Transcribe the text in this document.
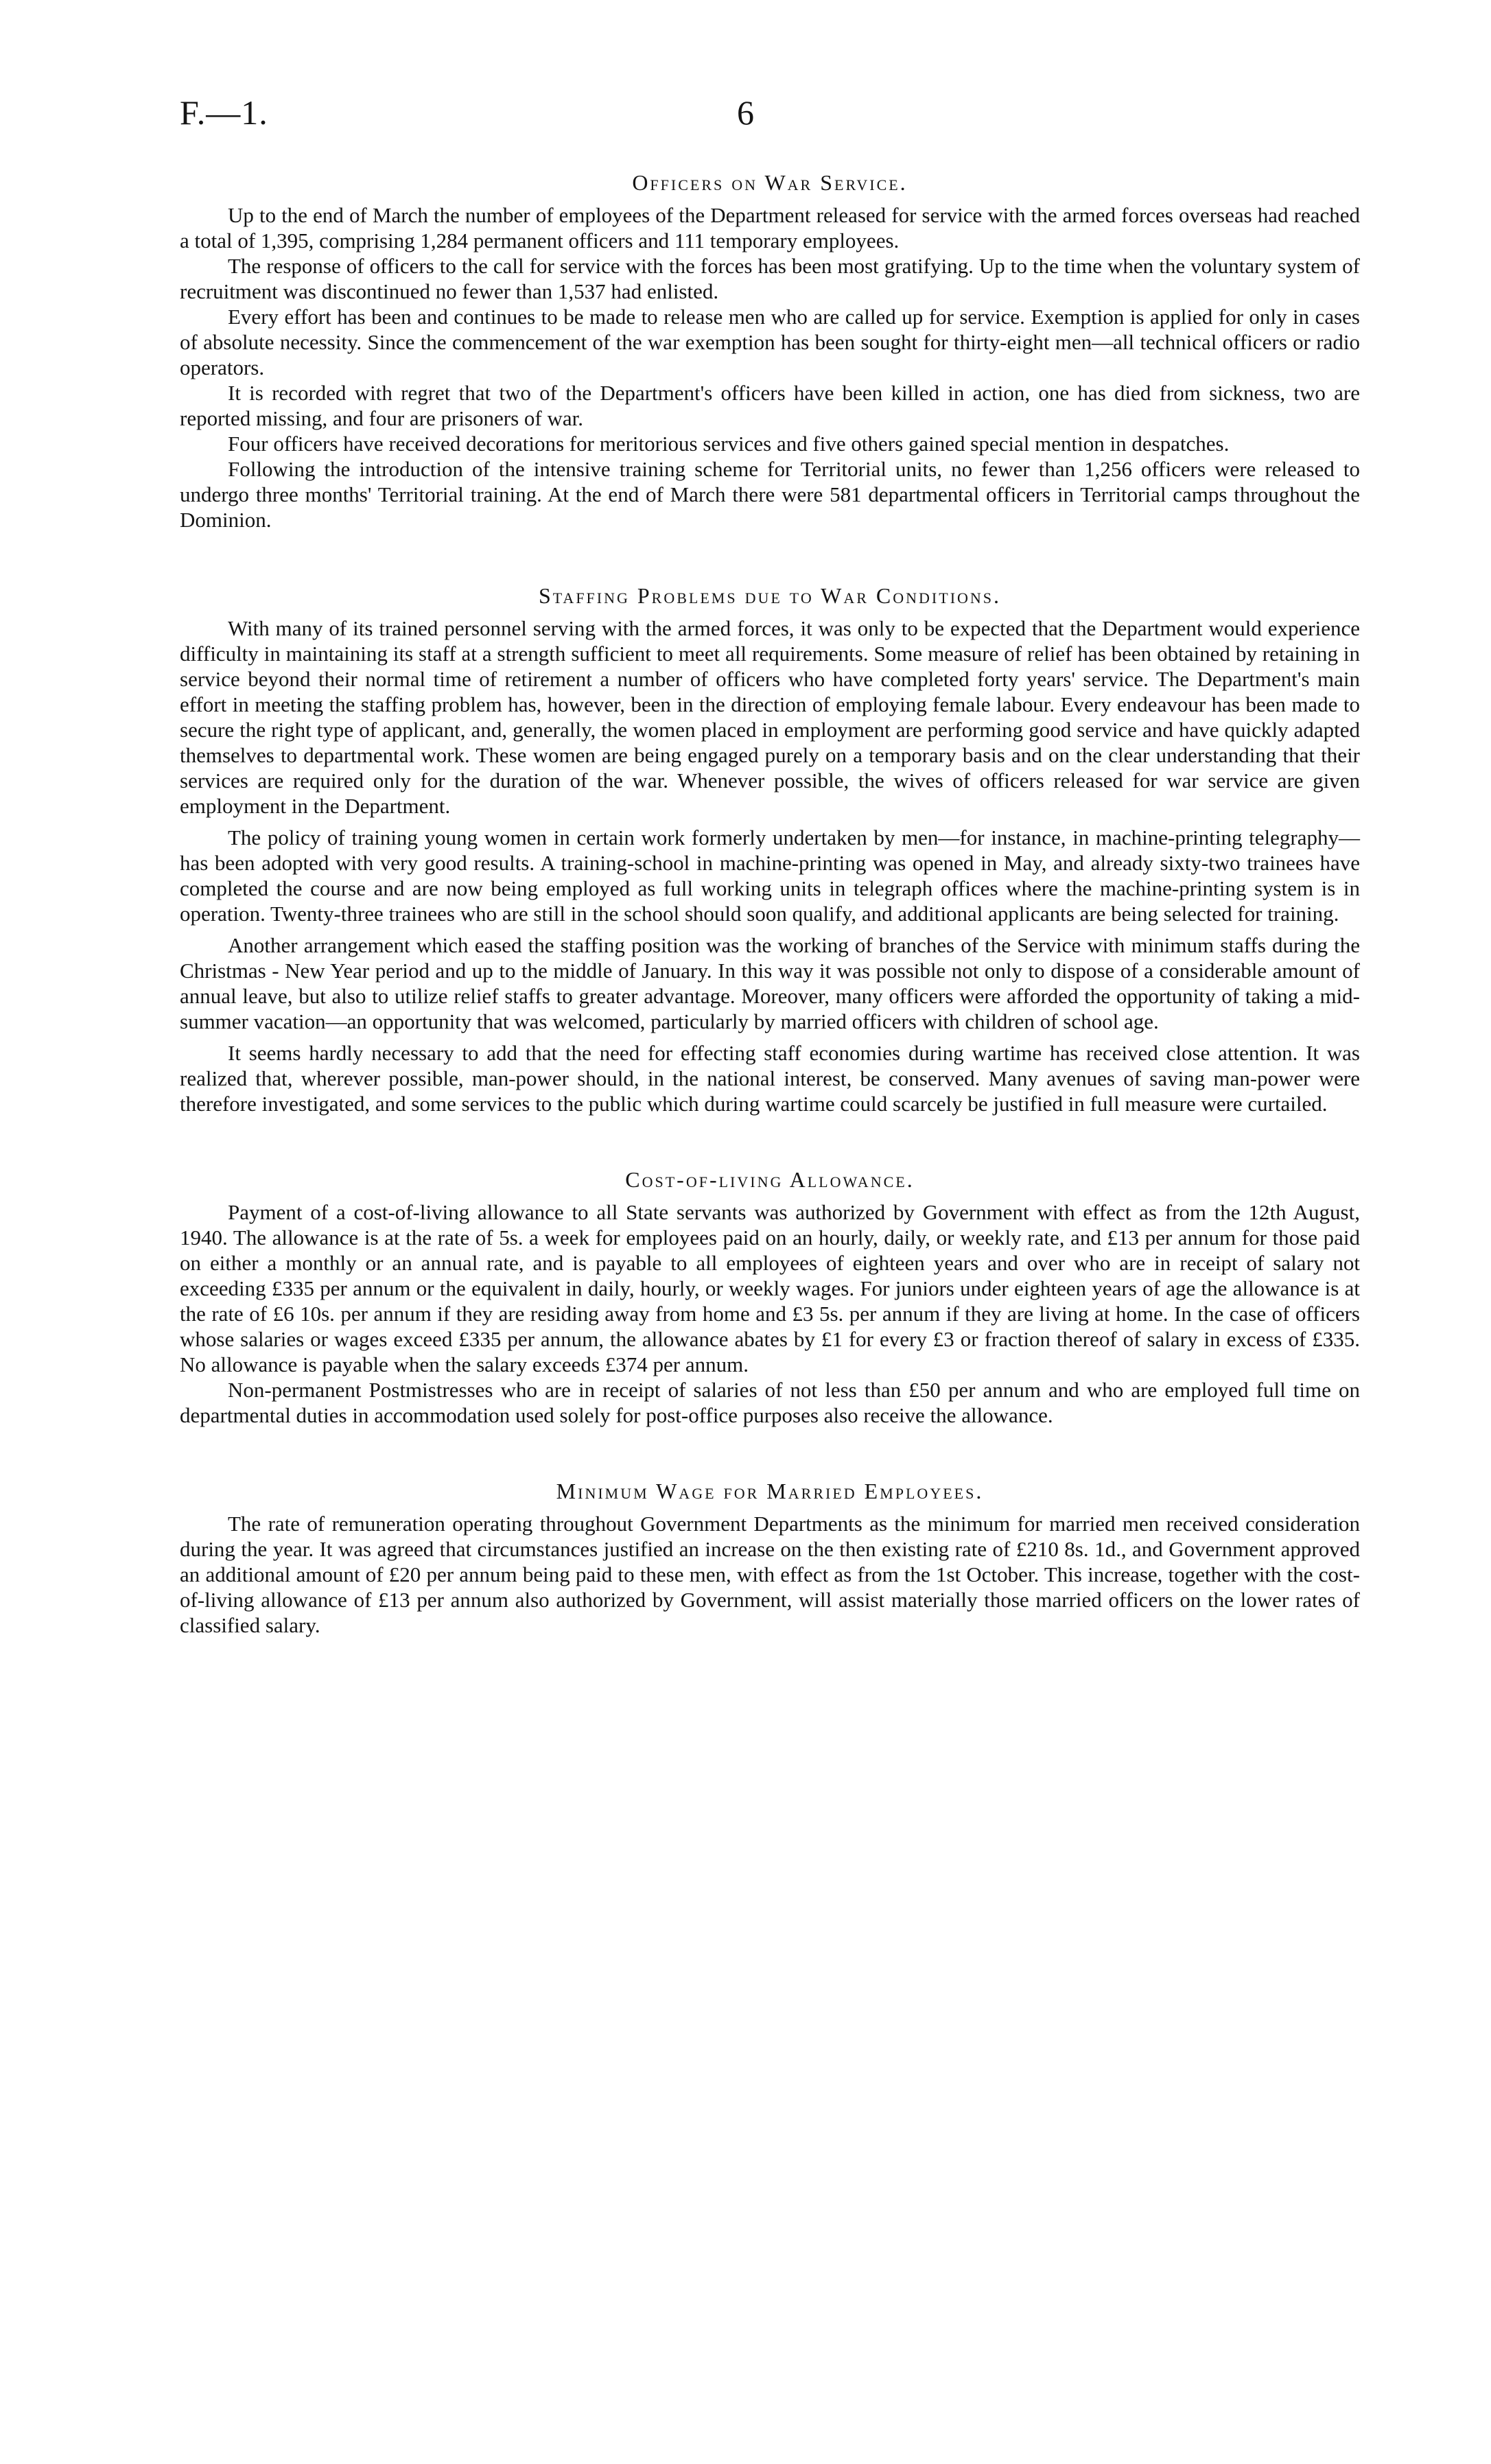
6
F.—1.
Officers on War Service.

Up to the end of March the number of employees of the Department released for service with the armed forces overseas had reached a total of 1,395, comprising 1,284 permanent officers and 111 temporary employees.

The response of officers to the call for service with the forces has been most gratifying. Up to the time when the voluntary system of recruitment was discontinued no fewer than 1,537 had enlisted.

Every effort has been and continues to be made to release men who are called up for service. Exemption is applied for only in cases of absolute necessity. Since the commencement of the war exemption has been sought for thirty-eight men—all technical officers or radio operators.

It is recorded with regret that two of the Department's officers have been killed in action, one has died from sickness, two are reported missing, and four are prisoners of war.

Four officers have received decorations for meritorious services and five others gained special mention in despatches.

Following the introduction of the intensive training scheme for Territorial units, no fewer than 1,256 officers were released to undergo three months' Territorial training. At the end of March there were 581 departmental officers in Territorial camps throughout the Dominion.

Staffing Problems due to War Conditions.

With many of its trained personnel serving with the armed forces, it was only to be expected that the Department would experience difficulty in maintaining its staff at a strength sufficient to meet all requirements. Some measure of relief has been obtained by retaining in service beyond their normal time of retirement a number of officers who have completed forty years' service. The Department's main effort in meeting the staffing problem has, however, been in the direction of employing female labour. Every endeavour has been made to secure the right type of applicant, and, generally, the women placed in employment are performing good service and have quickly adapted themselves to departmental work. These women are being engaged purely on a temporary basis and on the clear understanding that their services are required only for the duration of the war. Whenever possible, the wives of officers released for war service are given employment in the Department.

The policy of training young women in certain work formerly undertaken by men—for instance, in machine-printing telegraphy—has been adopted with very good results. A training-school in machine-printing was opened in May, and already sixty-two trainees have completed the course and are now being employed as full working units in telegraph offices where the machine-printing system is in operation. Twenty-three trainees who are still in the school should soon qualify, and additional applicants are being selected for training.

Another arrangement which eased the staffing position was the working of branches of the Service with minimum staffs during the Christmas - New Year period and up to the middle of January. In this way it was possible not only to dispose of a considerable amount of annual leave, but also to utilize relief staffs to greater advantage. Moreover, many officers were afforded the opportunity of taking a mid-summer vacation—an opportunity that was welcomed, particularly by married officers with children of school age.

It seems hardly necessary to add that the need for effecting staff economies during wartime has received close attention. It was realized that, wherever possible, man-power should, in the national interest, be conserved. Many avenues of saving man-power were therefore investigated, and some services to the public which during wartime could scarcely be justified in full measure were curtailed.

Cost-of-living Allowance.

Payment of a cost-of-living allowance to all State servants was authorized by Government with effect as from the 12th August, 1940. The allowance is at the rate of 5s. a week for employees paid on an hourly, daily, or weekly rate, and £13 per annum for those paid on either a monthly or an annual rate, and is payable to all employees of eighteen years and over who are in receipt of salary not exceeding £335 per annum or the equivalent in daily, hourly, or weekly wages. For juniors under eighteen years of age the allowance is at the rate of £6 10s. per annum if they are residing away from home and £3 5s. per annum if they are living at home. In the case of officers whose salaries or wages exceed £335 per annum, the allowance abates by £1 for every £3 or fraction thereof of salary in excess of £335. No allowance is payable when the salary exceeds £374 per annum.

Non-permanent Postmistresses who are in receipt of salaries of not less than £50 per annum and who are employed full time on departmental duties in accommodation used solely for post-office purposes also receive the allowance.

Minimum Wage for Married Employees.

The rate of remuneration operating throughout Government Departments as the minimum for married men received consideration during the year. It was agreed that circumstances justified an increase on the then existing rate of £210 8s. 1d., and Government approved an additional amount of £20 per annum being paid to these men, with effect as from the 1st October. This increase, together with the cost-of-living allowance of £13 per annum also authorized by Government, will assist materially those married officers on the lower rates of classified salary.
